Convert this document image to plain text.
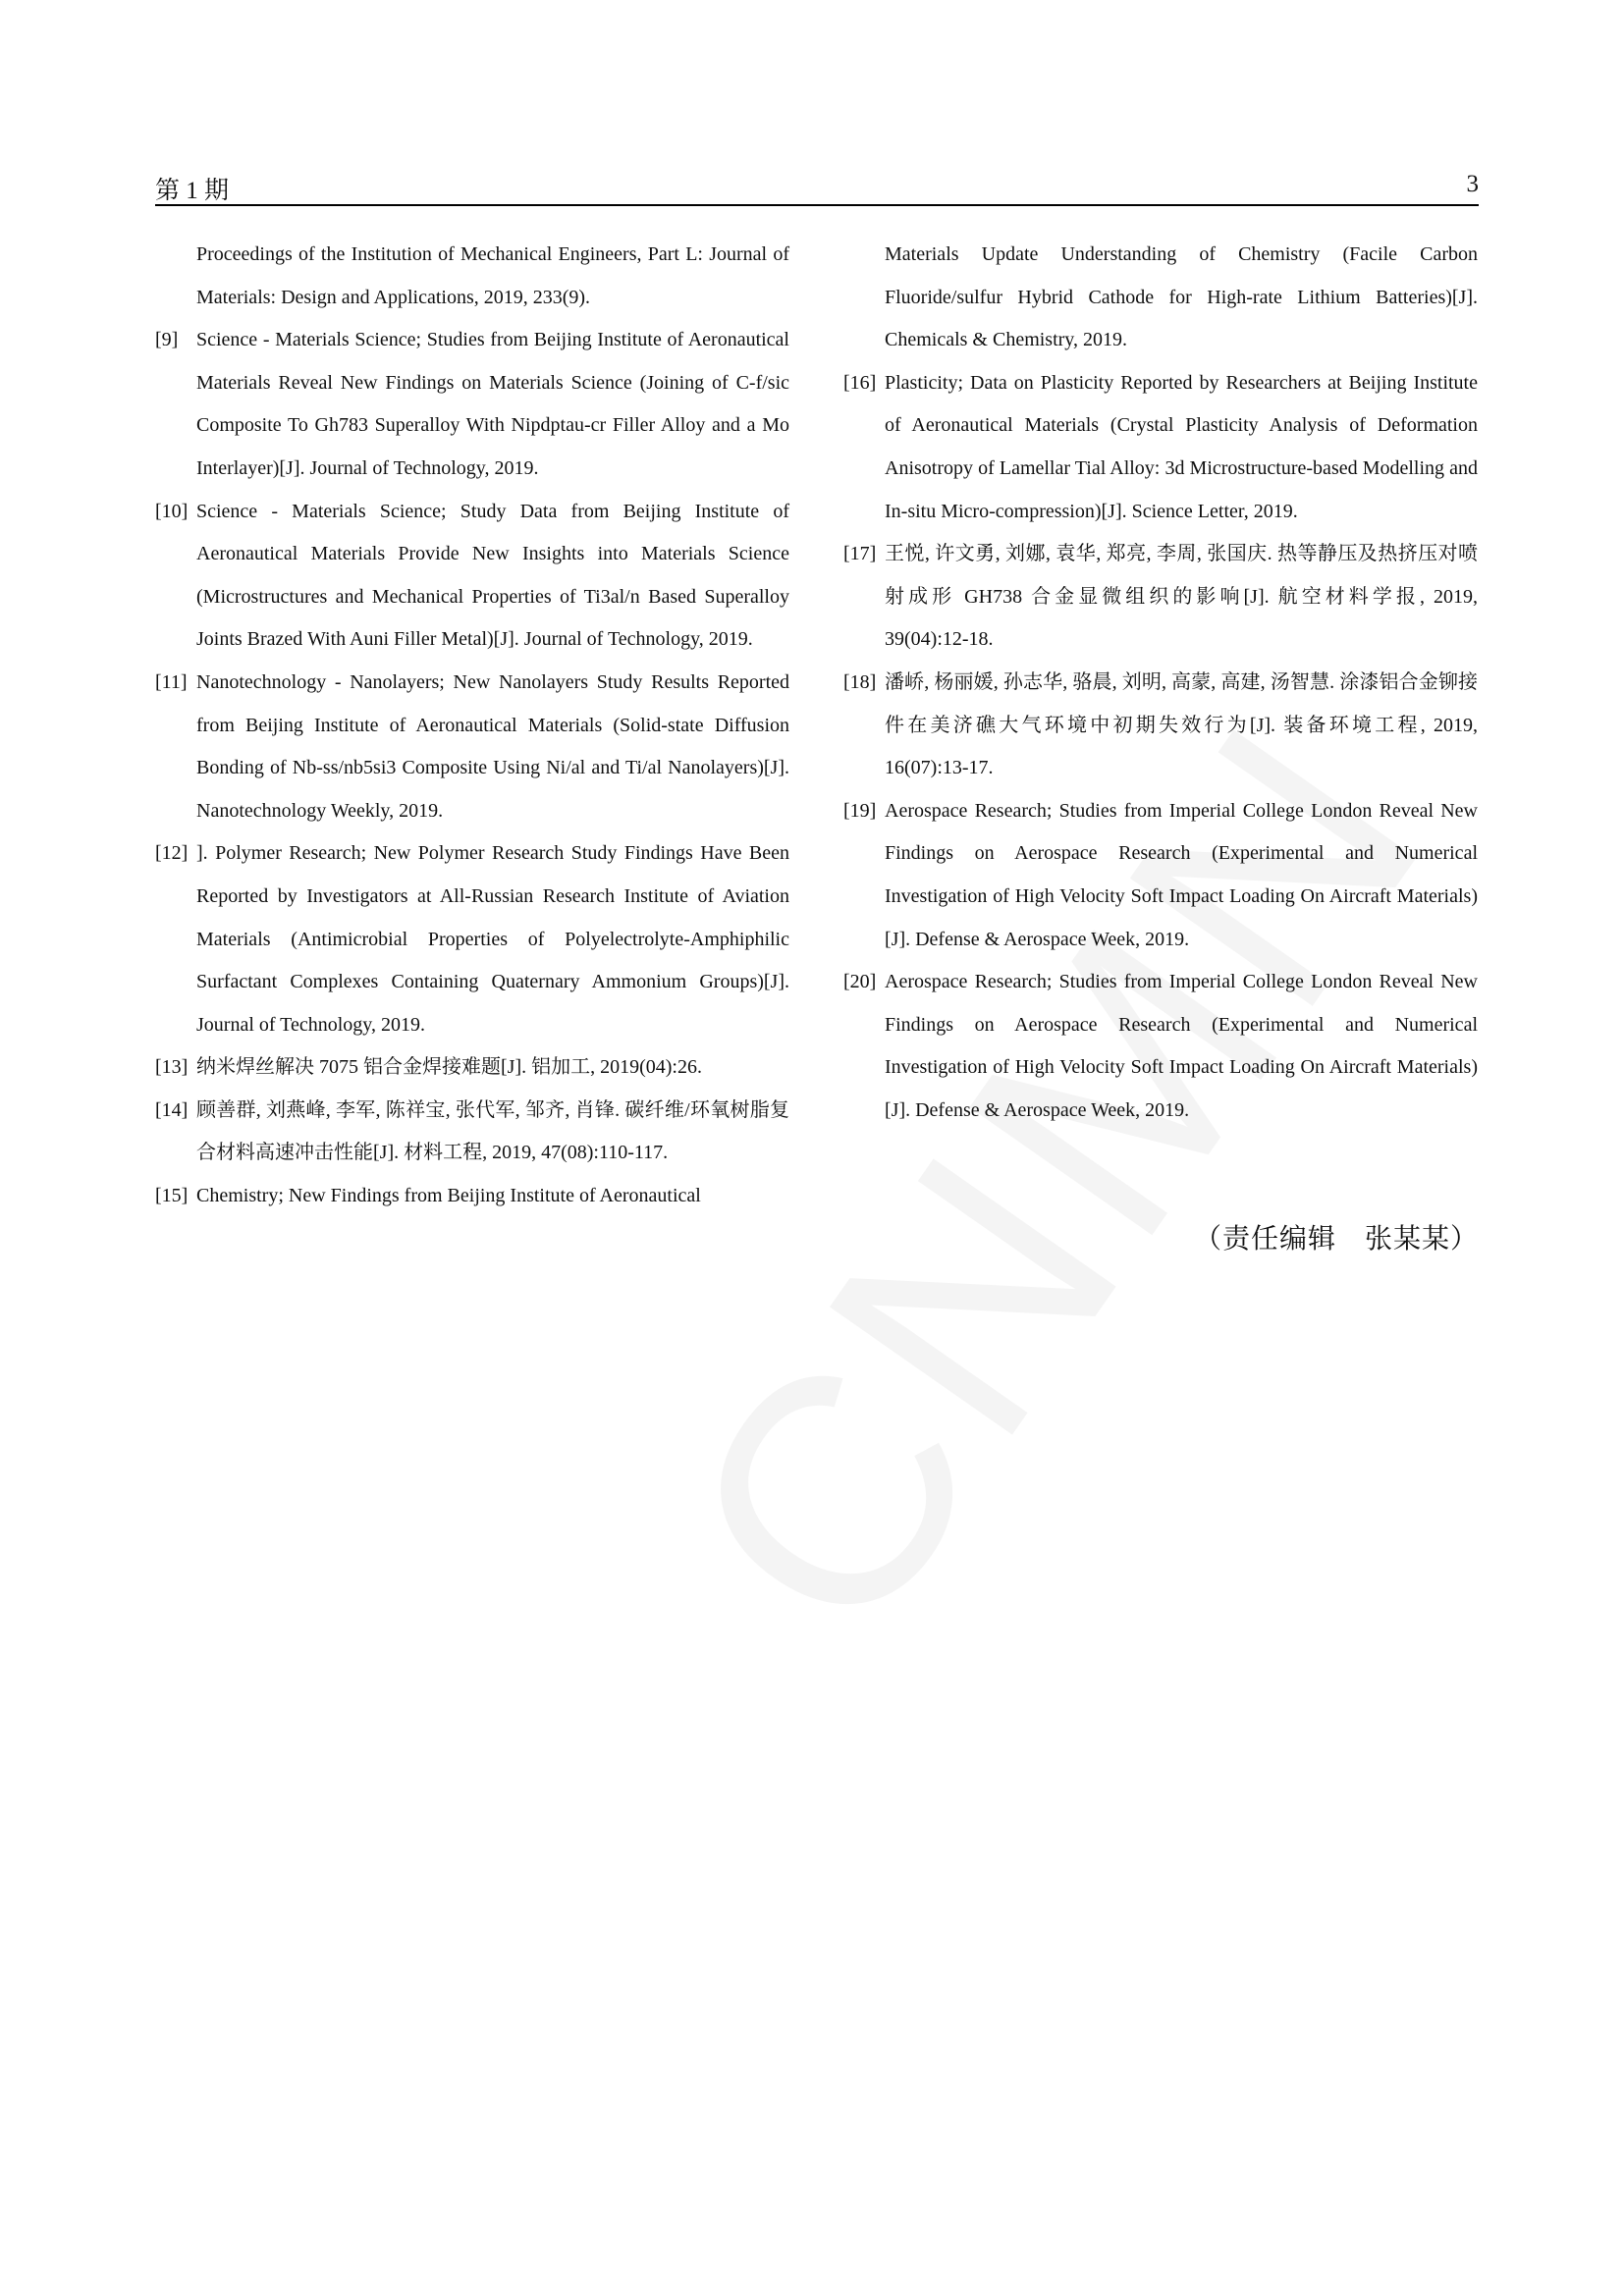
第 1 期	3
Proceedings of the Institution of Mechanical Engineers, Part L: Journal of Materials: Design and Applications, 2019, 233(9).
[9] Science - Materials Science; Studies from Beijing Institute of Aeronautical Materials Reveal New Findings on Materials Science (Joining of C-f/sic Composite To Gh783 Superalloy With Nipdptau-cr Filler Alloy and a Mo Interlayer)[J]. Journal of Technology, 2019.
[10] Science - Materials Science; Study Data from Beijing Institute of Aeronautical Materials Provide New Insights into Materials Science (Microstructures and Mechanical Properties of Ti3al/n Based Superalloy Joints Brazed With Auni Filler Metal)[J]. Journal of Technology, 2019.
[11] Nanotechnology - Nanolayers; New Nanolayers Study Results Reported from Beijing Institute of Aeronautical Materials (Solid-state Diffusion Bonding of Nb-ss/nb5si3 Composite Using Ni/al and Ti/al Nanolayers)[J]. Nanotechnology Weekly, 2019.
[12] ]. Polymer Research; New Polymer Research Study Findings Have Been Reported by Investigators at All-Russian Research Institute of Aviation Materials (Antimicrobial Properties of Polyelectrolyte-Amphiphilic Surfactant Complexes Containing Quaternary Ammonium Groups)[J]. Journal of Technology, 2019.
[13] 纳米焊丝解决 7075 铝合金焊接难题[J]. 铝加工, 2019(04):26.
[14] 顾善群, 刘燕峰, 李军, 陈祥宝, 张代军, 邹齐, 肖锋. 碳纤维/环氧树脂复合材料高速冲击性能[J]. 材料工程, 2019, 47(08):110-117.
[15] Chemistry; New Findings from Beijing Institute of Aeronautical
Materials Update Understanding of Chemistry (Facile Carbon Fluoride/sulfur Hybrid Cathode for High-rate Lithium Batteries)[J]. Chemicals & Chemistry, 2019.
[16] Plasticity; Data on Plasticity Reported by Researchers at Beijing Institute of Aeronautical Materials (Crystal Plasticity Analysis of Deformation Anisotropy of Lamellar Tial Alloy: 3d Microstructure-based Modelling and In-situ Micro-compression)[J]. Science Letter, 2019.
[17] 王悦, 许文勇, 刘娜, 袁华, 郑亮, 李周, 张国庆. 热等静压及热挤压对喷射成形 GH738 合金显微组织的影响[J]. 航空材料学报, 2019, 39(04):12-18.
[18] 潘峤, 杨丽媛, 孙志华, 骆晨, 刘明, 高蒙, 高建, 汤智慧. 涂漆铝合金铆接件在美济礁大气环境中初期失效行为[J]. 装备环境工程, 2019, 16(07):13-17.
[19] Aerospace Research; Studies from Imperial College London Reveal New Findings on Aerospace Research (Experimental and Numerical Investigation of High Velocity Soft Impact Loading On Aircraft Materials)[J]. Defense & Aerospace Week, 2019.
[20] Aerospace Research; Studies from Imperial College London Reveal New Findings on Aerospace Research (Experimental and Numerical Investigation of High Velocity Soft Impact Loading On Aircraft Materials)[J]. Defense & Aerospace Week, 2019.
（责任编辑　张某某）
